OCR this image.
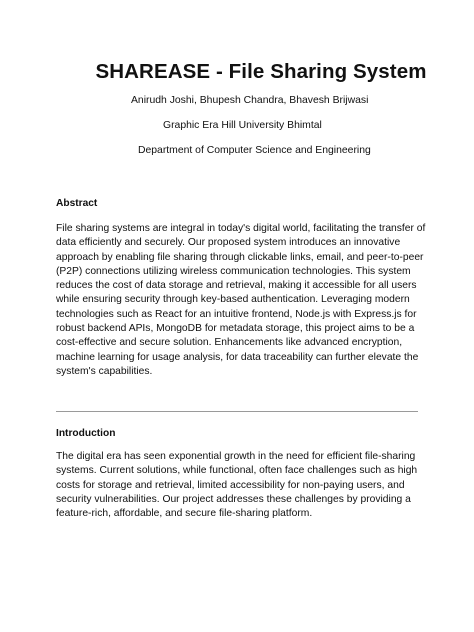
SHAREASE - File Sharing System
Anirudh Joshi, Bhupesh Chandra, Bhavesh Brijwasi
Graphic Era Hill University Bhimtal
Department of Computer Science and Engineering
Abstract

File sharing systems are integral in today's digital world, facilitating the transfer of
data efficiently and securely. Our proposed system introduces an innovative
approach by enabling file sharing through clickable links, email, and peer-to-peer
(P2P) connections utilizing wireless communication technologies. This system
reduces the cost of data storage and retrieval, making it accessible for all users
while ensuring security through key-based authentication. Leveraging modern
technologies such as React for an intuitive frontend, Node.js with Express.js for
robust backend APIs, MongoDB for metadata storage, this project aims to be a
cost-effective and secure solution. Enhancements like advanced encryption,
machine learning for usage analysis, for data traceability can further elevate the
system's capabilities.

Introduction

The digital era has seen exponential growth in the need for efficient file-sharing
systems. Current solutions, while functional, often face challenges such as high
costs for storage and retrieval, limited accessibility for non-paying users, and
security vulnerabilities. Our project addresses these challenges by providing a
feature-rich, affordable, and secure file-sharing platform.
